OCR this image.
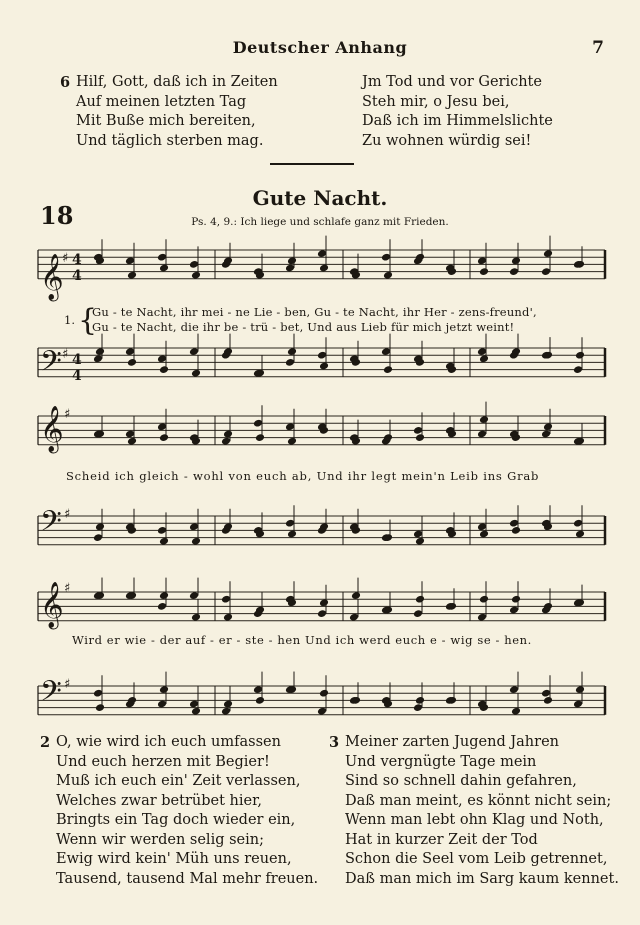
Deutscher Anhang	7
6 Hilf, Gott, daß ich in Zeiten
Auf meinen letzten Tag
Mit Buße mich bereiten,
Und täglich sterben mag.
Jm Tod und vor Gerichte
Steh mir, o Jesu bei,
Daß ich im Himmelslichte
Zu wohnen würdig sei!
18
Gute Nacht.
Ps. 4, 9.: Ich liege und schlafe ganz mit Frieden.
𝄞
𝄞
𝄞
𝄢
𝄢
𝄢
♯
♯
♯
♯
♯
♯
4
4
4
4
{
1.
Gu - te Nacht, ihr mei - ne Lie - ben, Gu - te Nacht, ihr Her - zens-freund',
Gu - te Nacht, die ihr be - trü - bet, Und aus Lieb für mich jetzt weint!
Scheid ich gleich - wohl von euch ab, Und ihr legt mein'n Leib ins Grab
Wird er wie - der auf - er - ste - hen Und ich werd euch e - wig se - hen.
2 O, wie wird ich euch umfassen
Und euch herzen mit Begier!
Muß ich euch ein' Zeit verlassen,
Welches zwar betrübet hier,
Bringts ein Tag doch wieder ein,
Wenn wir werden selig sein;
Ewig wird kein' Müh uns reuen,
Tausend, tausend Mal mehr freuen.
3 Meiner zarten Jugend Jahren
Und vergnügte Tage mein
Sind so schnell dahin gefahren,
Daß man meint, es könnt nicht sein;
Wenn man lebt ohn Klag und Noth,
Hat in kurzer Zeit der Tod
Schon die Seel vom Leib getrennet,
Daß man mich im Sarg kaum kennet.
